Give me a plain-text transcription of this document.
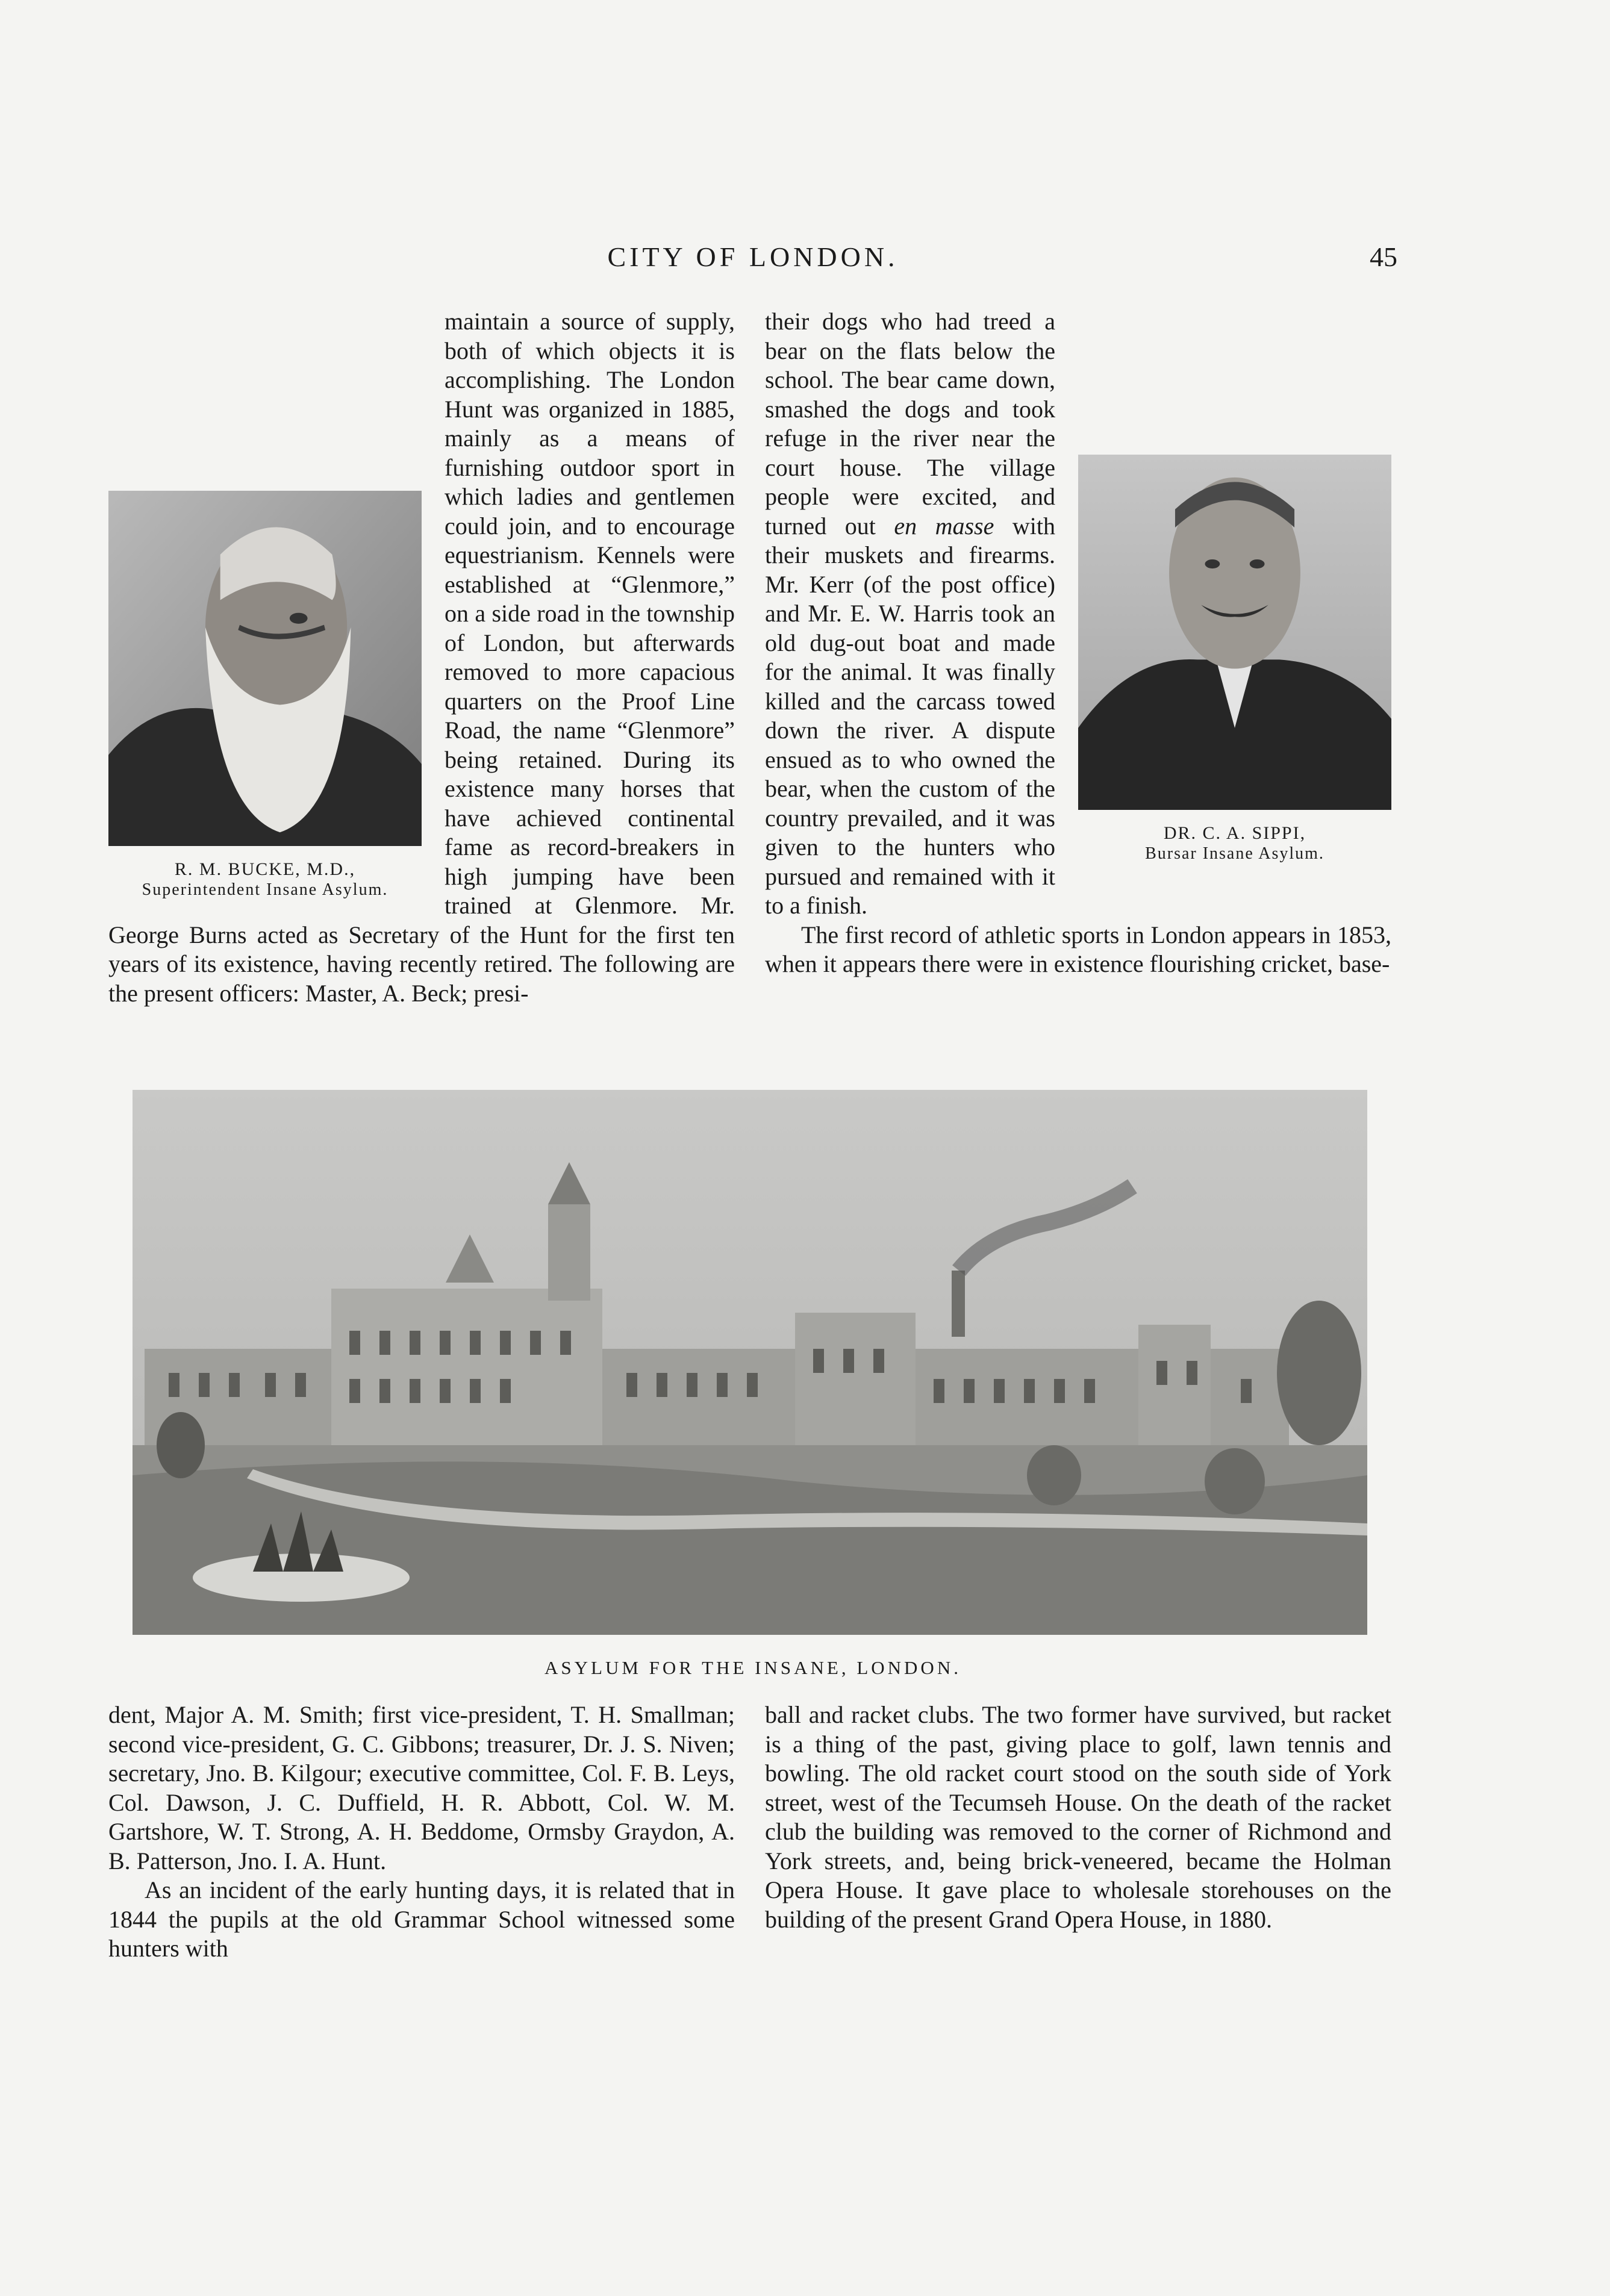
CITY OF LONDON.	45
R. M. BUCKE, M.D.,
Superintendent Insane Asylum.

maintain a source of supply, both of which objects it is accomplishing. The London Hunt was organized in 1885, mainly as a means of furnishing outdoor sport in which ladies and gentlemen could join, and to encourage equestrianism. Kennels were established at “Glenmore,” on a side road in the township of London, but afterwards removed to more capacious quarters on the Proof Line Road, the name “Glenmore” being retained. During its existence many horses that have achieved continental fame as record-breakers in high jumping have been trained at Glenmore. Mr. George Burns acted as Secretary of the Hunt for the first ten years of its existence, having recently retired. The following are the present officers: Master, A. Beck; presi-

DR. C. A. SIPPI,
Bursar Insane Asylum.

their dogs who had treed a bear on the flats below the school. The bear came down, smashed the dogs and took refuge in the river near the court house. The village people were excited, and turned out en masse with their muskets and firearms. Mr. Kerr (of the post office) and Mr. E. W. Harris took an old dug-out boat and made for the animal. It was finally killed and the carcass towed down the river. A dispute ensued as to who owned the bear, when the custom of the country prevailed, and it was given to the hunters who pursued and remained with it to a finish.

The first record of athletic sports in London appears in 1853, when it appears there were in existence flourishing cricket, base-

ASYLUM FOR THE INSANE, LONDON.

dent, Major A. M. Smith; first vice-president, T. H. Smallman; second vice-president, G. C. Gibbons; treasurer, Dr. J. S. Niven; secretary, Jno. B. Kilgour; executive committee, Col. F. B. Leys, Col. Dawson, J. C. Duffield, H. R. Abbott, Col. W. M. Gartshore, W. T. Strong, A. H. Beddome, Ormsby Graydon, A. B. Patterson, Jno. I. A. Hunt.

As an incident of the early hunting days, it is related that in 1844 the pupils at the old Grammar School witnessed some hunters with

ball and racket clubs. The two former have survived, but racket is a thing of the past, giving place to golf, lawn tennis and bowling. The old racket court stood on the south side of York street, west of the Tecumseh House. On the death of the racket club the building was removed to the corner of Richmond and York streets, and, being brick-veneered, became the Holman Opera House. It gave place to wholesale storehouses on the building of the present Grand Opera House, in 1880.
